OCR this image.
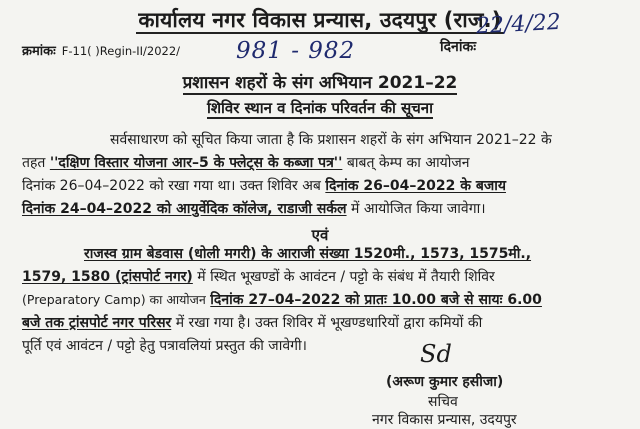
कार्यालय नगर विकास प्रन्यास, उदयपुर (राज.)
दिनांकः
22/4/22
क्रमांकः F-11( )Regin-II/2022/ 981 - 982
प्रशासन शहरों के संग अभियान 2021–22
शिविर स्थान व दिनांक परिवर्तन की सूचना
सर्वसाधारण को सूचित किया जाता है कि प्रशासन शहरों के संग अभियान 2021–22 के
तहत ''दक्षिण विस्तार योजना आर–5 के फ्लेट्स के कब्जा पत्र'' बाबत् केम्प का आयोजन
दिनांक 26–04–2022 को रखा गया था। उक्त शिविर अब दिनांक 26–04–2022 के बजाय
दिनांक 24–04–2022 को आयुर्वेदिक कॉलेज, राडाजी सर्कल में आयोजित किया जावेगा।
एवं
राजस्व ग्राम बेडवास (धोली मगरी) के आराजी संख्या 1520मी., 1573, 1575मी.,
1579, 1580 (ट्रांसपोर्ट नगर) में स्थित भूखण्डों के आवंटन / पट्टो के संबंध में तैयारी शिविर
(Preparatory Camp) का आयोजन दिनांक 27–04–2022 को प्रातः 10.00 बजे से सायः 6.00
बजे तक ट्रांसपोर्ट नगर परिसर में रखा गया है। उक्त शिविर में भूखण्डधारियों द्वारा कमियों की
पूर्ति एवं आवंटन / पट्टो हेतु पत्रावलियां प्रस्तुत की जावेगी।	Sd
(अरूण कुमार हसीजा)
सचिव
नगर विकास प्रन्यास, उदयपुर
